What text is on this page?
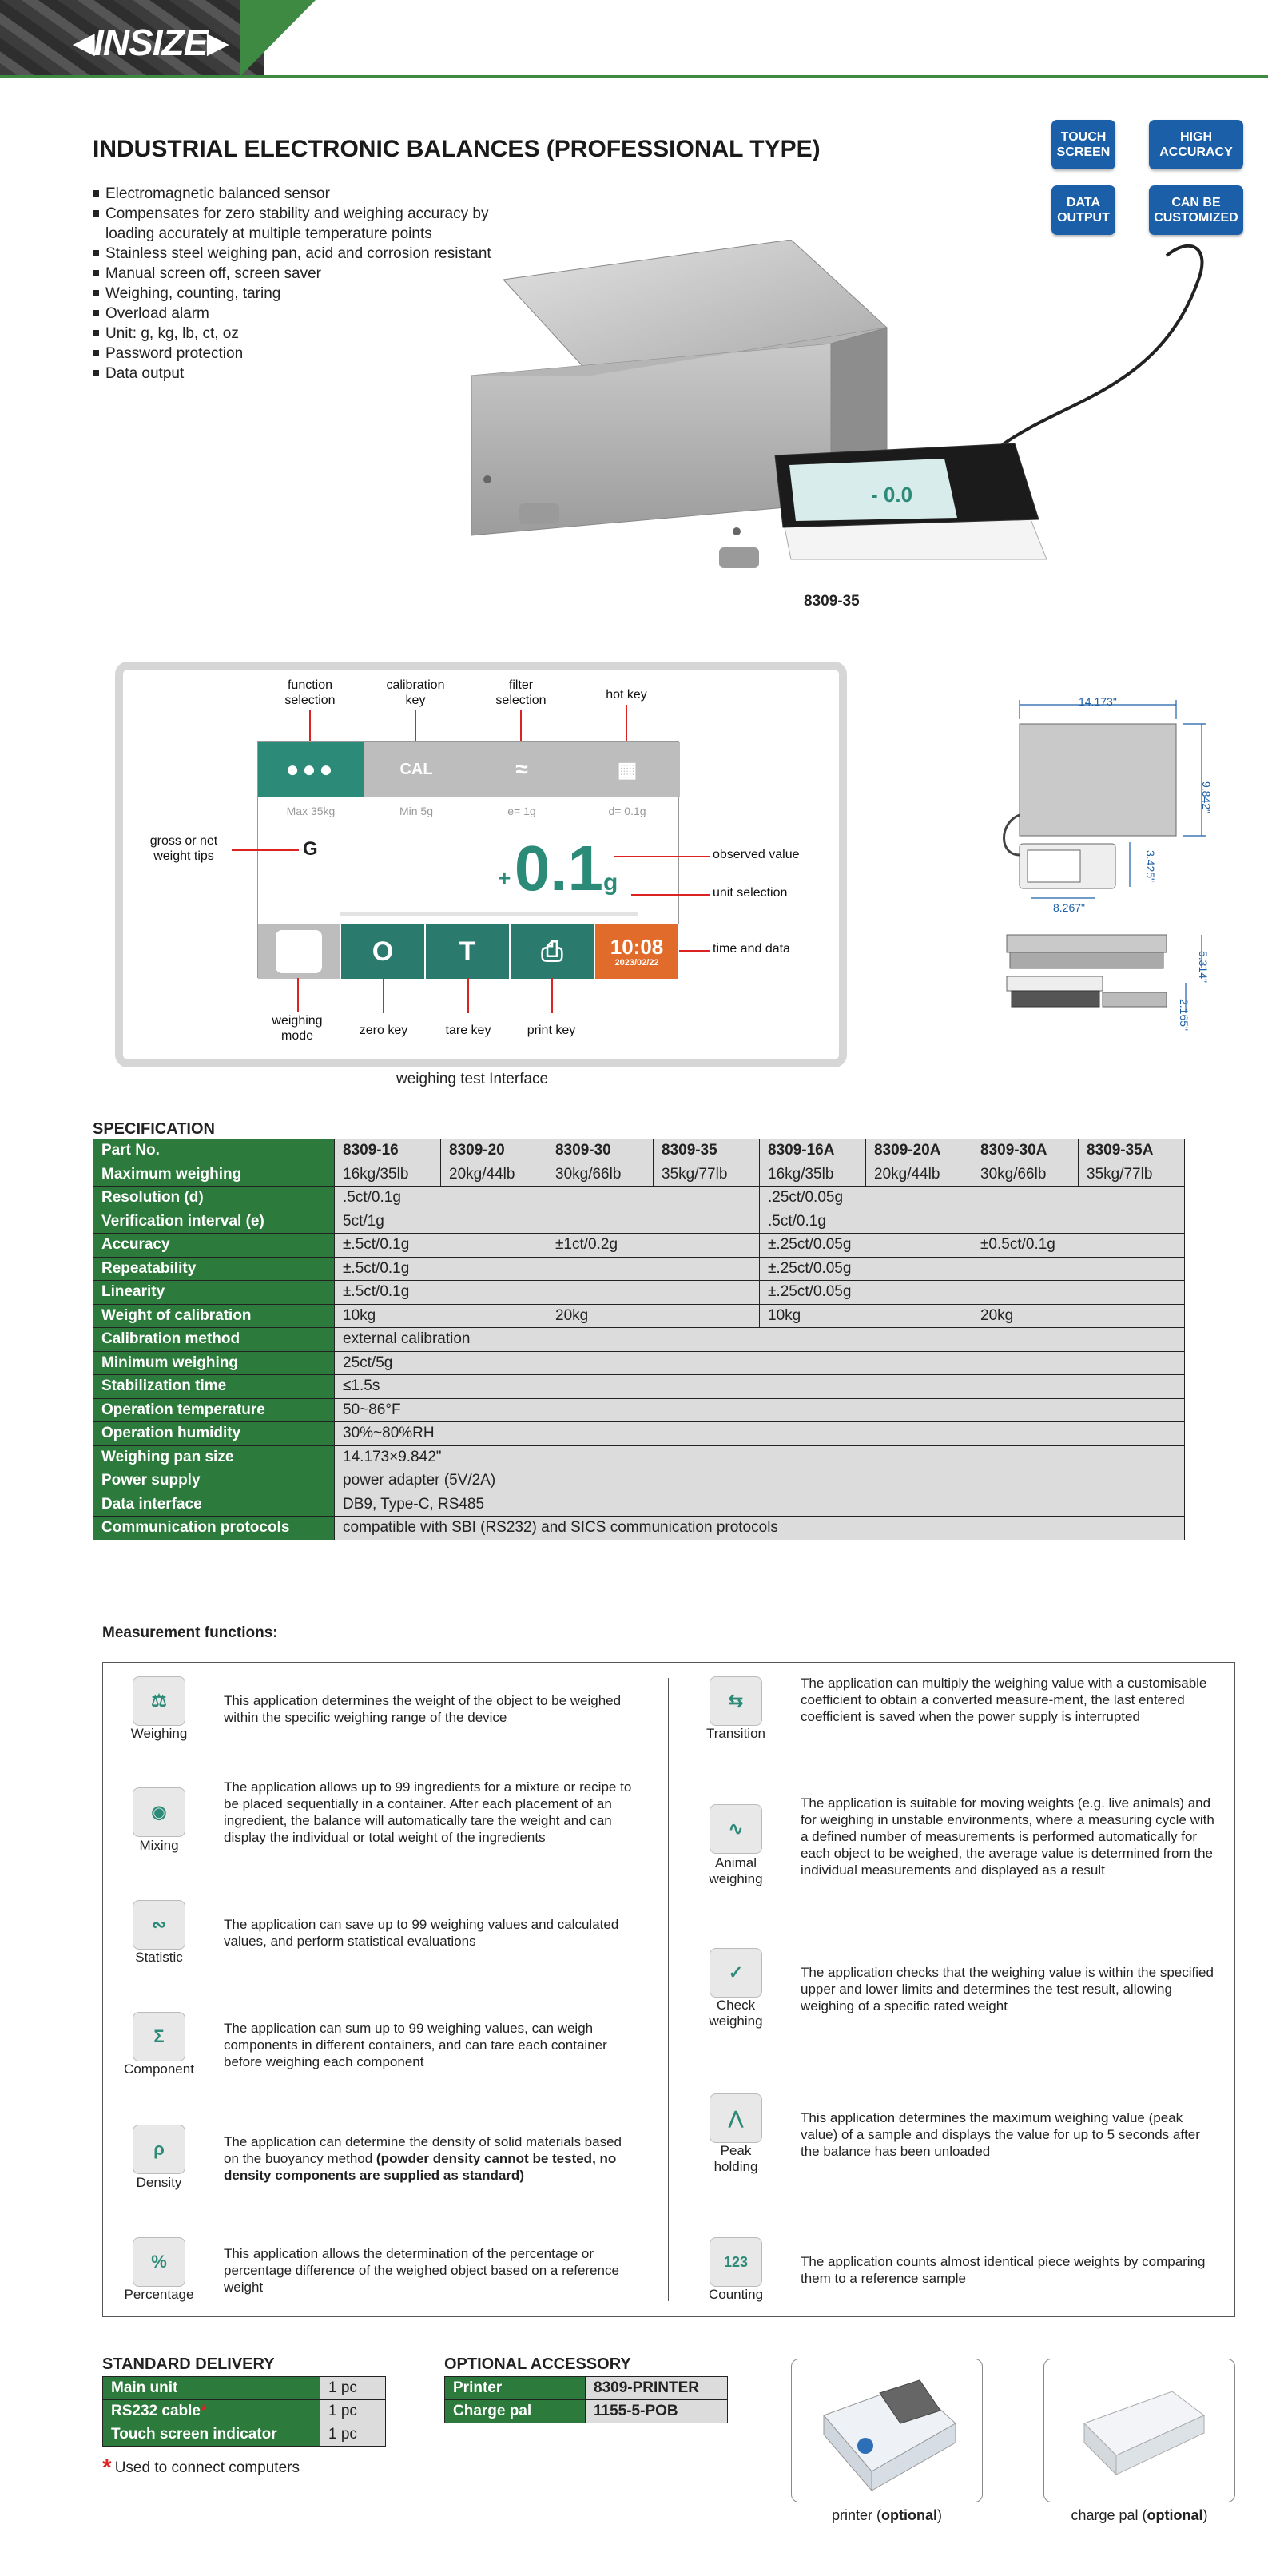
◀INSIZE▶
INDUSTRIAL ELECTRONIC BALANCES (PROFESSIONAL TYPE)
Electromagnetic balanced sensor
Compensates for zero stability and weighing accuracy by
loading accurately at multiple temperature points
Stainless steel weighing pan, acid and corrosion resistant
Manual screen off, screen saver
Weighing, counting, taring
Overload alarm
Unit: g, kg, lb, ct, oz
Password protection
Data output
TOUCH
SCREEN
HIGH
ACCURACY
DATA
OUTPUT
CAN BE
CUSTOMIZED
- 0.0
8309-35
weighing test Interface
●●●	CAL	≈	▦
Max 35kg	Min 5g	e= 1g	d= 0.1g
G
+ 0.1g
O T ⎙ 10:08
2023/02/22
function
selection
calibration
key
filter
selection	hot key
gross or net
weight tips	observed value
unit selection
time and data
weighing
mode	zero key	tare key	print key
14.173"
9.842"
3.425"
8.267"
5.314"
2.165"
SPECIFICATION
Part No.	8309-16	8309-20	8309-30	8309-35	8309-16A	8309-20A	8309-30A	8309-35A
Maximum weighing	16kg/35lb	20kg/44lb	30kg/66lb	35kg/77lb	16kg/35lb	20kg/44lb	30kg/66lb	35kg/77lb
Resolution (d)	.5ct/0.1g				.25ct/0.05g			
Verification interval (e)	5ct/1g				.5ct/0.1g			
Accuracy	±.5ct/0.1g		±1ct/0.2g		±.25ct/0.05g		±0.5ct/0.1g	
Repeatability	±.5ct/0.1g				±.25ct/0.05g			
Linearity	±.5ct/0.1g				±.25ct/0.05g			
Weight of calibration	10kg		20kg		10kg		20kg	
Calibration method	external calibration							
Minimum weighing	25ct/5g							
Stabilization time	≤1.5s							
Operation temperature	50~86°F							
Operation humidity	30%~80%RH							
Weighing pan size	14.173×9.842"							
Power supply	power adapter (5V/2A)							
Data interface	DB9, Type-C, RS485							
Communication protocols	compatible with SBI (RS232) and SICS communication protocols							
Measurement functions:
⚖
Weighing
This application determines the weight of the object to be weighed within the specific weighing range of the device
◉
Mixing
The application allows up to 99 ingredients for a mixture or recipe to be placed sequentially in a container. After each placement of an ingredient, the balance will automatically tare the weight and can display the individual or total weight of the ingredients
∾
Statistic
The application can save up to 99 weighing values and calculated values, and perform statistical evaluations
Σ
Component
The application can sum up to 99 weighing values, can weigh components in different containers, and can tare each container before weighing each component
ρ
Density
The application can determine the density of solid materials based on the buoyancy method (powder density cannot be tested, no density components are supplied as standard)
%
Percentage
This application allows the determination of the percentage or percentage difference of the weighed object based on a reference weight
⇆
Transition
The application can multiply the weighing value with a customisable coefficient to obtain a converted measure-ment, the last entered coefficient is saved when the power supply is interrupted
∿
Animal
weighing
The application is suitable for moving weights (e.g. live animals) and for weighing in unstable environments, where a measuring cycle with a defined number of measurements is performed automatically for each object to be weighed, the average value is determined from the individual measurements and displayed as a result
✓
Check
weighing
The application checks that the weighing value is within the specified upper and lower limits and determines the test result, allowing weighing of a specific rated weight
⋀
Peak
holding
This application determines the maximum weighing value (peak value) of a sample and displays the value for up to 5 seconds after the balance has been unloaded
123
Counting
The application counts almost identical piece weights by comparing them to a reference sample
STANDARD DELIVERY
Main unit	1 pc
RS232 cable*	1 pc
Touch screen indicator	1 pc
* Used to connect computers
OPTIONAL ACCESSORY
Printer	8309-PRINTER
Charge pal	1155-5-POB
printer (optional)	charge pal (optional)
